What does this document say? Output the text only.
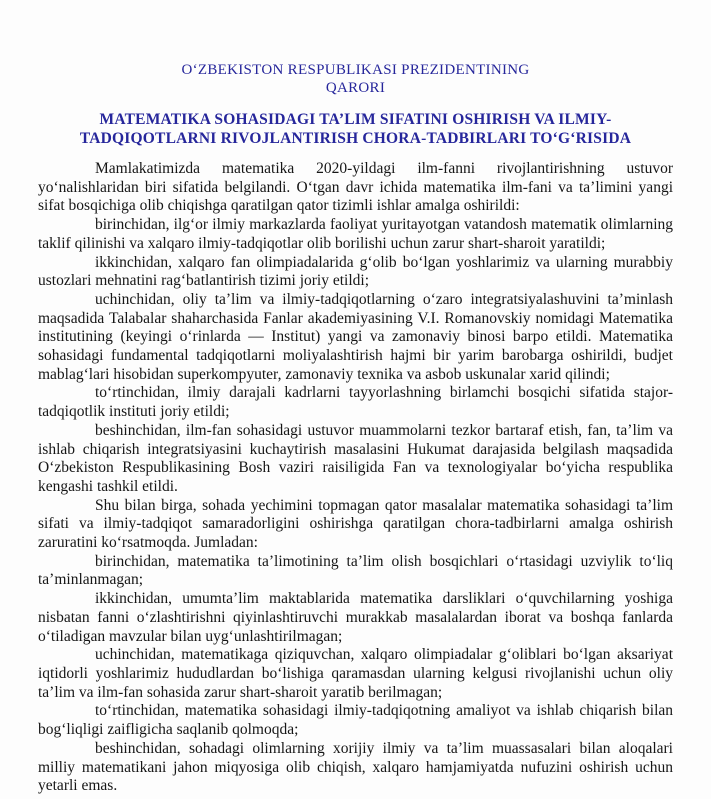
O‘ZBEKISTON RESPUBLIKASI PREZIDENTINING
QARORI
MATEMATIKA SOHASIDAGI TA’LIM SIFATINI OSHIRISH VA ILMIY-
TADQIQOTLARNI RIVOJLANTIRISH CHORA-TADBIRLARI TO‘G‘RISIDA

Mamlakatimizda matematika 2020-yildagi ilm-fanni rivojlantirishning ustuvor yo‘nalishlaridan biri sifatida belgilandi. O‘tgan davr ichida matematika ilm-fani va ta’limini yangi sifat bosqichiga olib chiqishga qaratilgan qator tizimli ishlar amalga oshirildi:

birinchidan, ilg‘or ilmiy markazlarda faoliyat yuritayotgan vatandosh matematik olimlarning taklif qilinishi va xalqaro ilmiy-tadqiqotlar olib borilishi uchun zarur shart-sharoit yaratildi;

ikkinchidan, xalqaro fan olimpiadalarida g‘olib bo‘lgan yoshlarimiz va ularning murabbiy ustozlari mehnatini rag‘batlantirish tizimi joriy etildi;

uchinchidan, oliy ta’lim va ilmiy-tadqiqotlarning o‘zaro integratsiyalashuvini ta’minlash maqsadida Talabalar shaharchasida Fanlar akademiyasining V.I. Romanovskiy nomidagi Matematika institutining (keyingi o‘rinlarda — Institut) yangi va zamonaviy binosi barpo etildi. Matematika sohasidagi fundamental tadqiqotlarni moliyalashtirish hajmi bir yarim barobarga oshirildi, budjet mablag‘lari hisobidan superkompyuter, zamonaviy texnika va asbob uskunalar xarid qilindi;

to‘rtinchidan, ilmiy darajali kadrlarni tayyorlashning birlamchi bosqichi sifatida stajor-tadqiqotlik instituti joriy etildi;

beshinchidan, ilm-fan sohasidagi ustuvor muammolarni tezkor bartaraf etish, fan, ta’lim va ishlab chiqarish integratsiyasini kuchaytirish masalasini Hukumat darajasida belgilash maqsadida O‘zbekiston Respublikasining Bosh vaziri raisiligida Fan va texnologiyalar bo‘yicha respublika kengashi tashkil etildi.

Shu bilan birga, sohada yechimini topmagan qator masalalar matematika sohasidagi ta’lim sifati va ilmiy-tadqiqot samaradorligini oshirishga qaratilgan chora-tadbirlarni amalga oshirish zaruratini ko‘rsatmoqda. Jumladan:

birinchidan, matematika ta’limotining ta’lim olish bosqichlari o‘rtasidagi uzviylik to‘liq ta’minlanmagan;

ikkinchidan, umumta’lim maktablarida matematika darsliklari o‘quvchilarning yoshiga nisbatan fanni o‘zlashtirishni qiyinlashtiruvchi murakkab masalalardan iborat va boshqa fanlarda o‘tiladigan mavzular bilan uyg‘unlashtirilmagan;

uchinchidan, matematikaga qiziquvchan, xalqaro olimpiadalar g‘oliblari bo‘lgan aksariyat iqtidorli yoshlarimiz hududlardan bo‘lishiga qaramasdan ularning kelgusi rivojlanishi uchun oliy ta’lim va ilm-fan sohasida zarur shart-sharoit yaratib berilmagan;

to‘rtinchidan, matematika sohasidagi ilmiy-tadqiqotning amaliyot va ishlab chiqarish bilan bog‘liqligi zaifligicha saqlanib qolmoqda;

beshinchidan, sohadagi olimlarning xorijiy ilmiy va ta’lim muassasalari bilan aloqalari milliy matematikani jahon miqyosiga olib chiqish, xalqaro hamjamiyatda nufuzini oshirish uchun yetarli emas.
